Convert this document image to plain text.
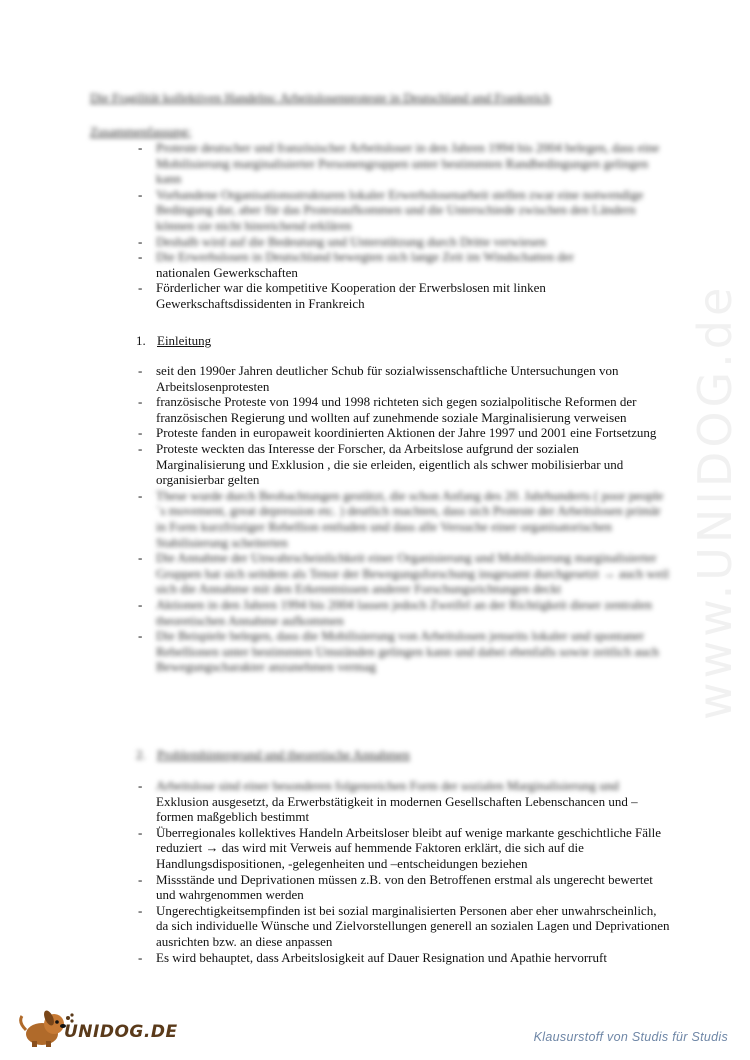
Die Fragilität kollektiven Handelns: Arbeitslosenproteste in Deutschland und Frankreich
Zusammenfassung:
- Proteste deutscher und französischer Arbeitsloser in den Jahren 1994 bis 2004 belegen, dass eine Mobilisierung marginalisierter Personengruppen unter bestimmten Randbedingungen gelingen kann
- Vorhandene Organisationsstrukturen lokaler Erwerbslosenarbeit stellen zwar eine notwendige Bedingung dar, aber für das Protestaufkommen und die Unterschiede zwischen den Ländern können sie nicht hinreichend erklären
- Deshalb wird auf die Bedeutung und Unterstützung durch Dritte verwiesen
- Die Erwerbslosen in Deutschland bewegten sich lange Zeit im Windschatten der
nationalen Gewerkschaften
- Förderlicher war die kompetitive Kooperation der Erwerbslosen mit linken Gewerkschaftsdissidenten in Frankreich
1. Einleitung
- seit den 1990er Jahren deutlicher Schub für sozialwissenschaftliche Untersuchungen von Arbeitslosenprotesten
- französische Proteste von 1994 und 1998 richteten sich gegen sozialpolitische Reformen der französischen Regierung und wollten auf zunehmende soziale Marginalisierung verweisen
- Proteste fanden in europaweit koordinierten Aktionen der Jahre 1997 und 2001 eine Fortsetzung
- Proteste weckten das Interesse der Forscher, da Arbeitslose aufgrund der sozialen Marginalisierung und Exklusion , die sie erleiden, eigentlich als schwer mobilisierbar und organisierbar gelten
- These wurde durch Beobachtungen gestützt, die schon Anfang des 20. Jahrhunderts ( poor people´s movement, great depression etc. ) deutlich machten, dass sich Proteste der Arbeitslosen primär in Form kurzfristiger Rebellion entluden und dass alle Versuche einer organisatorischen Stabilisierung scheiterten
- Die Annahme der Unwahrscheinlichkeit einer Organisierung und Mobilisierung marginalisierter Gruppen hat sich seitdem als Tenor der Bewegungsforschung insgesamt durchgesetzt → auch weil sich die Annahme mit den Erkenntnissen anderer Forschungsrichtungen deckt
- Aktionen in den Jahren 1994 bis 2004 lassen jedoch Zweifel an der Richtigkeit dieser zentralen theoretischen Annahme aufkommen
- Die Beispiele belegen, dass die Mobilisierung von Arbeitslosen jenseits lokaler und spontaner Rebellionen unter bestimmten Umständen gelingen kann und dabei ebenfalls sowie zeitlich auch Bewegungscharakter anzunehmen vermag
2. Problemhintergrund und theoretische Annahmen
- Arbeitslose sind einer besonderen folgenreichen Form der sozialen Marginalisierung und
Exklusion ausgesetzt, da Erwerbstätigkeit in modernen Gesellschaften Lebenschancen und –formen maßgeblich bestimmt
- Überregionales kollektives Handeln Arbeitsloser bleibt auf wenige markante geschichtliche Fälle reduziert → das wird mit Verweis auf hemmende Faktoren erklärt, die sich auf die Handlungsdispositionen, -gelegenheiten und –entscheidungen beziehen
- Missstände und Deprivationen müssen z.B. von den Betroffenen erstmal als ungerecht bewertet und wahrgenommen werden
- Ungerechtigkeitsempfinden ist bei sozial marginalisierten Personen aber eher unwahrscheinlich, da sich individuelle Wünsche und Zielvorstellungen generell an sozialen Lagen und Deprivationen ausrichten bzw. an diese anpassen
- Es wird behauptet, dass Arbeitslosigkeit auf Dauer Resignation und Apathie hervorruft
www.UNIDOG.de
UNIDOG.DE	Klausurstoff von Studis für Studis
